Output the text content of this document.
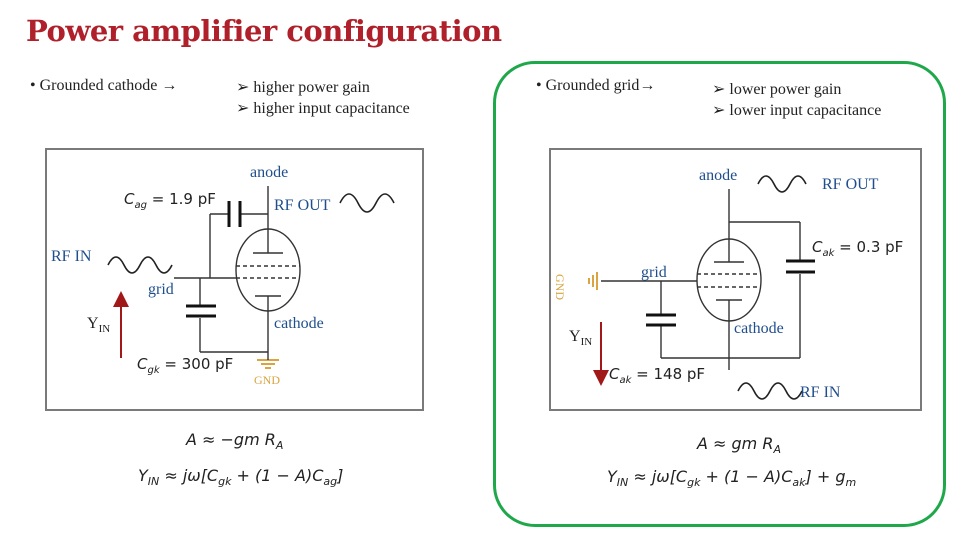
Power amplifier configuration
• Grounded cathode →	➢ higher power gain
➢ higher input capacitance
• Grounded grid→	➢ lower power gain
➢ lower input capacitance
anode
RF OUT
RF IN
grid
cathode
$Y_{IN}$
GND
$C_{ag} = 1.9$ pF
$C_{gk} = 300$ pF
anode
RF OUT
grid
cathode
RF IN
$Y_{IN}$
GND
$C_{ak} = 0.3$ pF
$C_{ak} = 148$ pF
A ≈ −gm $R_A$
$Y_{IN} \approx j\omega[C_{gk} + (1 - A)C_{ag}]$
A ≈ gm $R_A$
$Y_{IN} \approx j\omega[C_{gk} + (1 - A)C_{ak}] + g_m$
